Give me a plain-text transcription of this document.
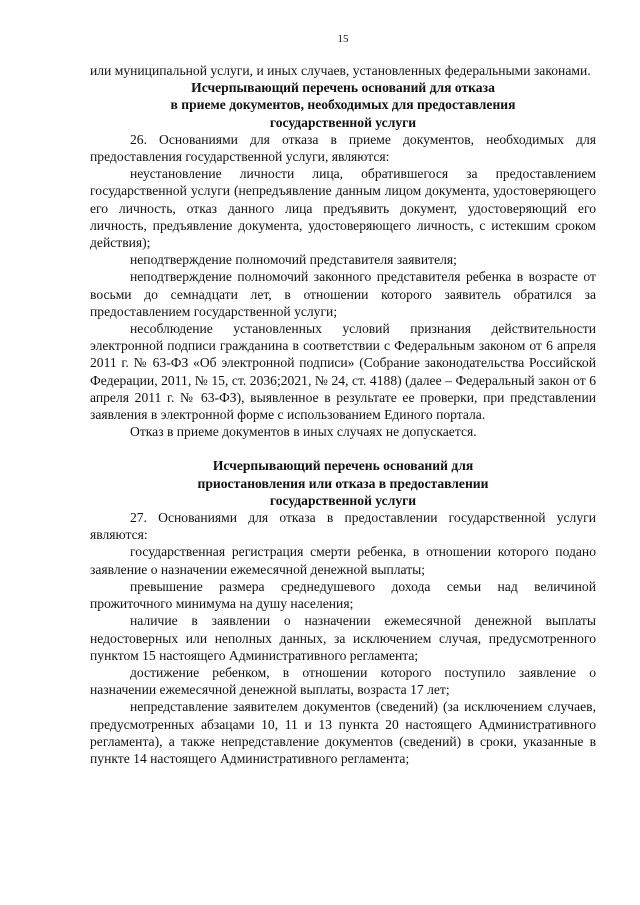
15

или муниципальной услуги, и иных случаев, установленных федеральными законами.

Исчерпывающий перечень оснований для отказа
в приеме документов, необходимых для предоставления
государственной услуги

26. Основаниями для отказа в приеме документов, необходимых для предоставления государственной услуги, являются:

неустановление личности лица, обратившегося за предоставлением государственной услуги (непредъявление данным лицом документа, удостоверяющего его личность, отказ данного лица предъявить документ, удостоверяющий его личность, предъявление документа, удостоверяющего личность, с истекшим сроком действия);

неподтверждение полномочий представителя заявителя;

неподтверждение полномочий законного представителя ребенка в возрасте от восьми до семнадцати лет, в отношении которого заявитель обратился за предоставлением государственной услуги;

несоблюдение установленных условий признания действительности электронной подписи гражданина в соответствии с Федеральным законом от 6 апреля 2011 г. № 63-ФЗ «Об электронной подписи» (Собрание законодательства Российской Федерации, 2011, № 15, ст. 2036;2021, № 24, ст. 4188) (далее – Федеральный закон от 6 апреля 2011 г. № 63-ФЗ), выявленное в результате ее проверки, при представлении заявления в электронной форме с использованием Единого портала.

Отказ в приеме документов в иных случаях не допускается.

Исчерпывающий перечень оснований для
приостановления или отказа в предоставлении
государственной услуги

27. Основаниями для отказа в предоставлении государственной услуги являются:

государственная регистрация смерти ребенка, в отношении которого подано заявление о назначении ежемесячной денежной выплаты;

превышение размера среднедушевого дохода семьи над величиной прожиточного минимума на душу населения;

наличие в заявлении о назначении ежемесячной денежной выплаты недостоверных или неполных данных, за исключением случая, предусмотренного пунктом 15 настоящего Административного регламента;

достижение ребенком, в отношении которого поступило заявление о назначении ежемесячной денежной выплаты, возраста 17 лет;

непредставление заявителем документов (сведений) (за исключением случаев, предусмотренных абзацами 10, 11 и 13 пункта 20 настоящего Административного регламента), а также непредставление документов (сведений) в сроки, указанные в пункте 14 настоящего Административного регламента;
